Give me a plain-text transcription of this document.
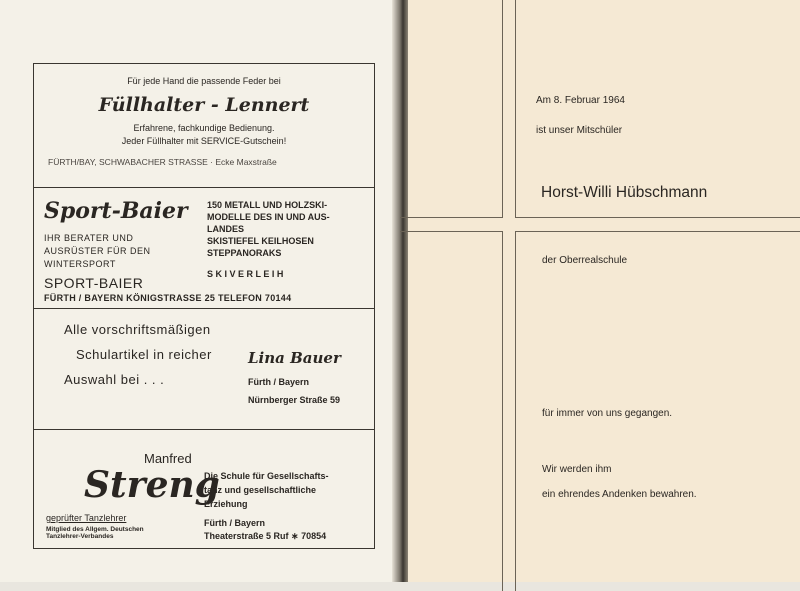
Für jede Hand die passende Feder bei
Füllhalter - Lennert
Erfahrene, fachkundige Bedienung.
Jeder Füllhalter mit SERVICE-Gutschein!
FÜRTH/BAY, SCHWABACHER STRASSE · Ecke Maxstraße
Sport-Baier
IHR BERATER UND
AUSRÜSTER FÜR DEN
WINTERSPORT
SPORT-BAIER
FÜRTH / BAYERN KÖNIGSTRASSE 25 TELEFON 70144
150 METALL UND HOLZSKI-
MODELLE DES IN UND AUS-
LANDES
SKISTIEFEL KEILHOSEN
STEPPANORAKS
S K I V E R L E I H
Alle vorschriftsmäßigen
Schulartikel in reicher
Auswahl bei . . .
Lina Bauer
Fürth / Bayern
Nürnberger Straße 59
Manfred
Streng
geprüfter Tanzlehrer
Mitglied des Allgem. Deutschen
Tanzlehrer-Verbandes
Die Schule für Gesellschafts-
tanz und gesellschaftliche
Erziehung
Fürth / Bayern
Theaterstraße 5 Ruf ∗ 70854
Am 8. Februar 1964
ist unser Mitschüler
Horst-Willi Hübschmann
der Oberrealschule
für immer von uns gegangen.
Wir werden ihm
ein ehrendes Andenken bewahren.
